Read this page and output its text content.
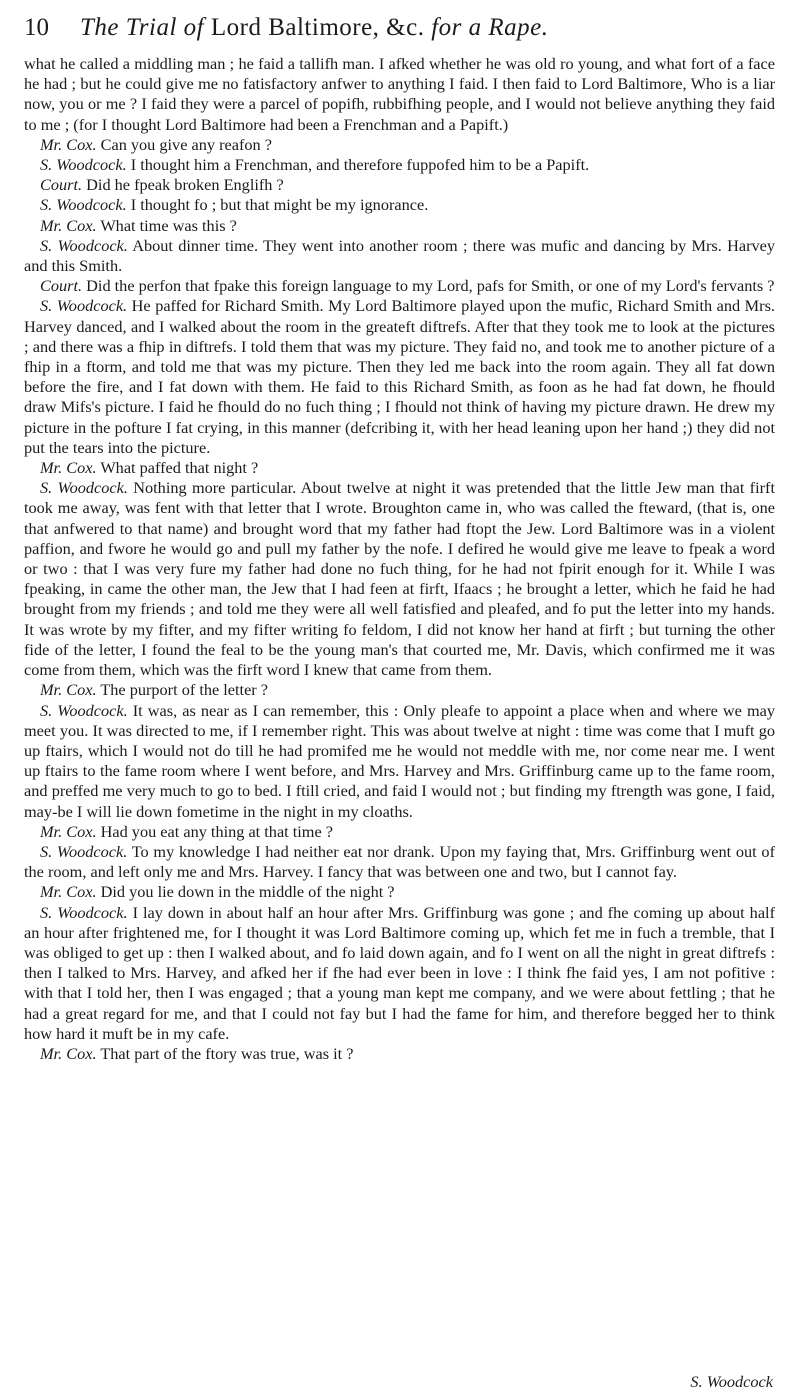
10 The Trial of Lord Baltimore, &c. for a Rape.

what he called a middling man ; he faid a tallifh man. I afked whether he was old ro young, and what fort of a face he had ; but he could give me no fatisfactory anfwer to anything I faid. I then faid to Lord Baltimore, Who is a liar now, you or me ? I faid they were a parcel of popifh, rubbifhing people, and I would not believe anything they faid to me ; (for I thought Lord Baltimore had been a Frenchman and a Papift.)

Mr. Cox. Can you give any reafon ?

S. Woodcock. I thought him a Frenchman, and therefore fuppofed him to be a Papift.

Court. Did he fpeak broken Englifh ?

S. Woodcock. I thought fo ; but that might be my ignorance.

Mr. Cox. What time was this ?

S. Woodcock. About dinner time. They went into another room ; there was mufic and dancing by Mrs. Harvey and this Smith.

Court. Did the perfon that fpake this foreign language to my Lord, pafs for Smith, or one of my Lord's fervants ?

S. Woodcock. He paffed for Richard Smith. My Lord Baltimore played upon the mufic, Richard Smith and Mrs. Harvey danced, and I walked about the room in the greateft diftrefs. After that they took me to look at the pictures ; and there was a fhip in diftrefs. I told them that was my picture. They faid no, and took me to another picture of a fhip in a ftorm, and told me that was my picture. Then they led me back into the room again. They all fat down before the fire, and I fat down with them. He faid to this Richard Smith, as foon as he had fat down, he fhould draw Mifs's picture. I faid he fhould do no fuch thing ; I fhould not think of having my picture drawn. He drew my picture in the pofture I fat crying, in this manner (defcribing it, with her head leaning upon her hand ;) they did not put the tears into the picture.

Mr. Cox. What paffed that night ?

S. Woodcock. Nothing more particular. About twelve at night it was pretended that the little Jew man that firft took me away, was fent with that letter that I wrote. Broughton came in, who was called the fteward, (that is, one that anfwered to that name) and brought word that my father had ftopt the Jew. Lord Baltimore was in a violent paffion, and fwore he would go and pull my father by the nofe. I defired he would give me leave to fpeak a word or two : that I was very fure my father had done no fuch thing, for he had not fpirit enough for it. While I was fpeaking, in came the other man, the Jew that I had feen at firft, Ifaacs ; he brought a letter, which he faid he had brought from my friends ; and told me they were all well fatisfied and pleafed, and fo put the letter into my hands. It was wrote by my fifter, and my fifter writing fo feldom, I did not know her hand at firft ; but turning the other fide of the letter, I found the feal to be the young man's that courted me, Mr. Davis, which confirmed me it was come from them, which was the firft word I knew that came from them.

Mr. Cox. The purport of the letter ?

S. Woodcock. It was, as near as I can remember, this : Only pleafe to appoint a place when and where we may meet you. It was directed to me, if I remember right. This was about twelve at night : time was come that I muft go up ftairs, which I would not do till he had promifed me he would not meddle with me, nor come near me. I went up ftairs to the fame room where I went before, and Mrs. Harvey and Mrs. Griffinburg came up to the fame room, and preffed me very much to go to bed. I ftill cried, and faid I would not ; but finding my ftrength was gone, I faid, may-be I will lie down fometime in the night in my cloaths.

Mr. Cox. Had you eat any thing at that time ?

S. Woodcock. To my knowledge I had neither eat nor drank. Upon my faying that, Mrs. Griffinburg went out of the room, and left only me and Mrs. Harvey. I fancy that was between one and two, but I cannot fay.

Mr. Cox. Did you lie down in the middle of the night ?

S. Woodcock. I lay down in about half an hour after Mrs. Griffinburg was gone ; and fhe coming up about half an hour after frightened me, for I thought it was Lord Baltimore coming up, which fet me in fuch a tremble, that I was obliged to get up : then I walked about, and fo laid down again, and fo I went on all the night in great diftrefs : then I talked to Mrs. Harvey, and afked her if fhe had ever been in love : I think fhe faid yes, I am not pofitive : with that I told her, then I was engaged ; that a young man kept me company, and we were about fettling ; that he had a great regard for me, and that I could not fay but I had the fame for him, and therefore begged her to think how hard it muft be in my cafe.

Mr. Cox. That part of the ftory was true, was it ?

S. Woodcock
